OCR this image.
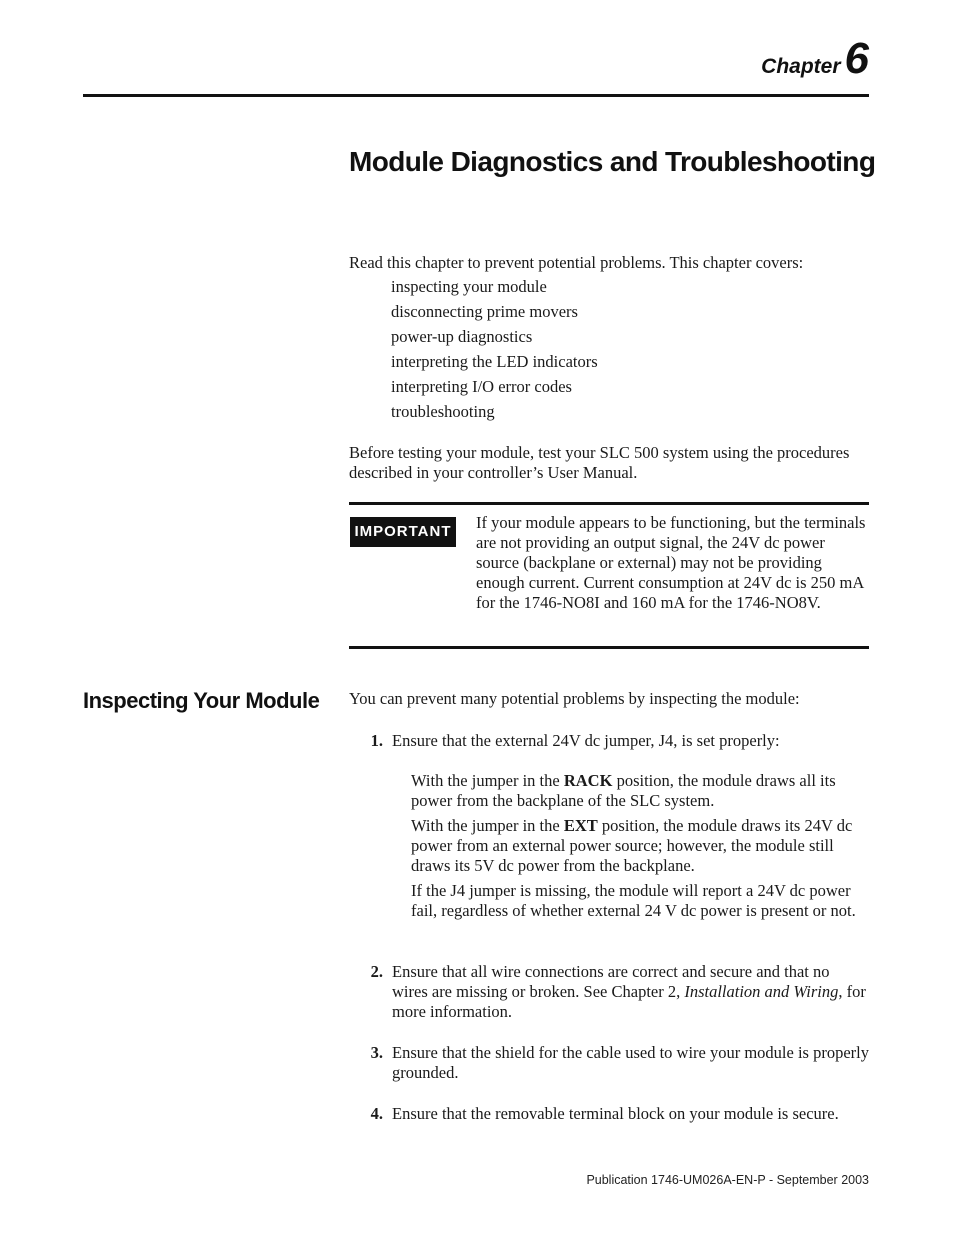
Chapter6
Module Diagnostics and Troubleshooting
Read this chapter to prevent potential problems. This chapter covers:
inspecting your module
disconnecting prime movers
power-up diagnostics
interpreting the LED indicators
interpreting I/O error codes
troubleshooting
Before testing your module, test your SLC 500 system using the procedures described in your controller’s User Manual.
IMPORTANT If your module appears to be functioning, but the terminals are not providing an output signal, the 24V dc power source (backplane or external) may not be providing enough current. Current consumption at 24V dc is 250 mA for the 1746-NO8I and 160 mA for the 1746-NO8V.
Inspecting Your Module You can prevent many potential problems by inspecting the module:
1. Ensure that the external 24V dc jumper, J4, is set properly:
With the jumper in the RACK position, the module draws all its power from the backplane of the SLC system.
With the jumper in the EXT position, the module draws its 24V dc power from an external power source; however, the module still draws its 5V dc power from the backplane.
If the J4 jumper is missing, the module will report a 24V dc power fail, regardless of whether external 24 V dc power is present or not.
2. Ensure that all wire connections are correct and secure and that no wires are missing or broken. See Chapter 2, Installation and Wiring, for more information.
3. Ensure that the shield for the cable used to wire your module is properly grounded.
4. Ensure that the removable terminal block on your module is secure.
Publication 1746-UM026A-EN-P - September 2003
